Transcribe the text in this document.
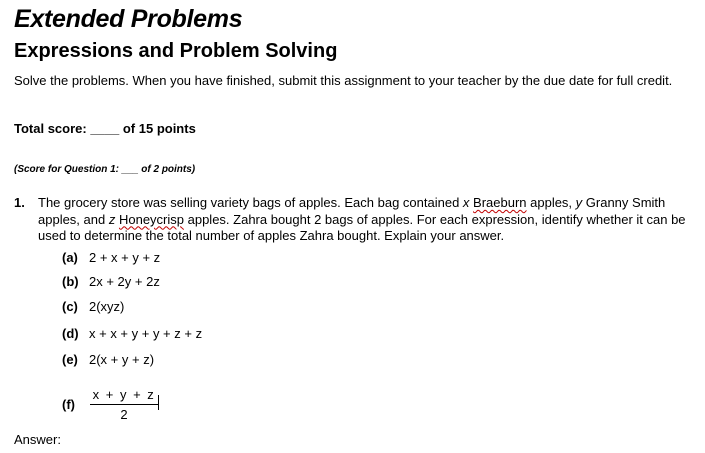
Extended Problems
Expressions and Problem Solving
Solve the problems. When you have finished, submit this assignment to your teacher by the due date for full credit.
Total score: ____ of 15 points
(Score for Question 1: ___ of 2 points)
1. The grocery store was selling variety bags of apples. Each bag contained x Braeburn apples, y Granny Smith apples, and z Honeycrisp apples. Zahra bought 2 bags of apples. For each expression, identify whether it can be used to determine the total number of apples Zahra bought. Explain your answer.
(a) 2 + x + y + z
(b) 2x + 2y + 2z
(c) 2(xyz)
(d) x + x + y + y + z + z
(e) 2(x + y + z)
(f)
x + y + z
2
Answer:
